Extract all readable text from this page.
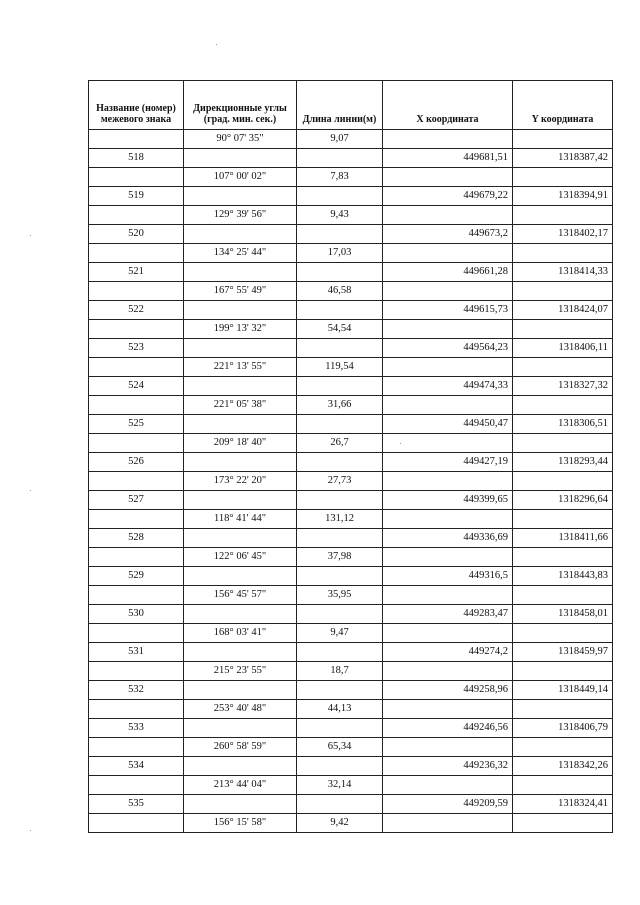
Название (номер) межевого знака	Дирекционные углы (град. мин. сек.)	Длина линии(м)	X координата	Y координата
	90° 07' 35"	9,07		
518			449681,51	1318387,42
	107° 00' 02"	7,83		
519			449679,22	1318394,91
	129° 39' 56"	9,43		
520			449673,2	1318402,17
	134° 25' 44"	17,03		
521			449661,28	1318414,33
	167° 55' 49"	46,58		
522			449615,73	1318424,07
	199° 13' 32"	54,54		
523			449564,23	1318406,11
	221° 13' 55"	119,54		
524			449474,33	1318327,32
	221° 05' 38"	31,66		
525			449450,47	1318306,51
	209° 18' 40"	26,7		
526			449427,19	1318293,44
	173° 22' 20"	27,73		
527			449399,65	1318296,64
	118° 41' 44"	131,12		
528			449336,69	1318411,66
	122° 06' 45"	37,98		
529			449316,5	1318443,83
	156° 45' 57"	35,95		
530			449283,47	1318458,01
	168° 03' 41"	9,47		
531			449274,2	1318459,97
	215° 23' 55"	18,7		
532			449258,96	1318449,14
	253° 40' 48"	44,13		
533			449246,56	1318406,79
	260° 58' 59"	65,34		
534			449236,32	1318342,26
	213° 44' 04"	32,14		
535			449209,59	1318324,41
	156° 15' 58"	9,42		
